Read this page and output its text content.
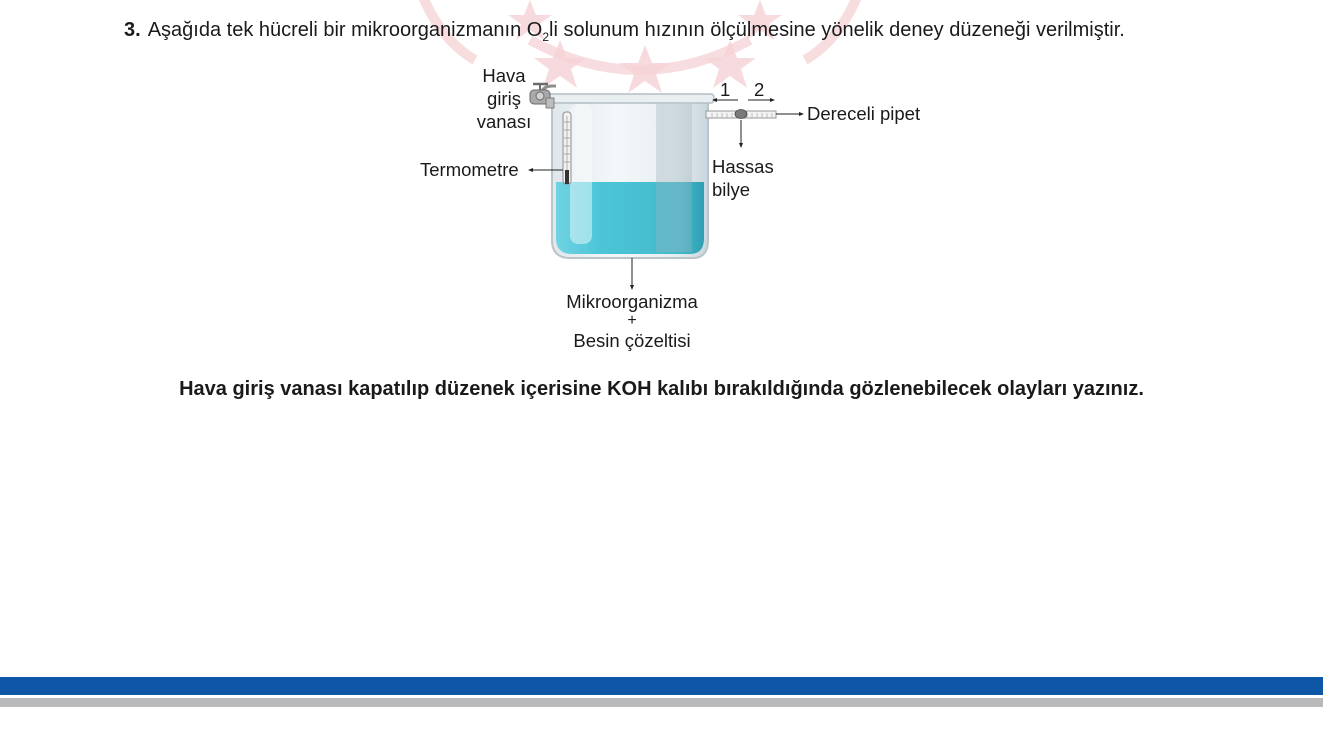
3. Aşağıda tek hücreli bir mikroorganizmanın $O_2li$ solunum hızının ölçülmesine yönelik deney düzeneği verilmiştir.
Hava
giriş
vanası
Termometre
1 2
Dereceli pipet
Hassas
bilye
Mikroorganizma
+
Besin çözeltisi
Hava giriş vanası kapatılıp düzenek içerisine KOH kalıbı bırakıldığında gözlenebilecek olayları yazınız.
